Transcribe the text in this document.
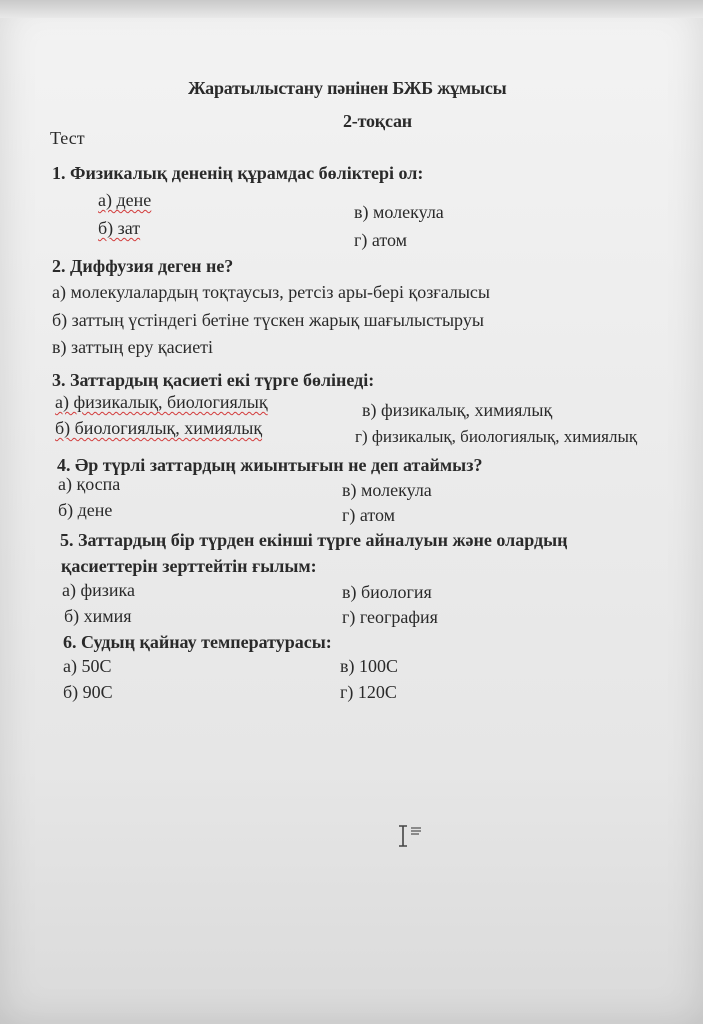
Жаратылыстану пәнінен БЖБ жұмысы
2-тоқсан
Тест
1. Физикалық дененің құрамдас бөліктері ол:
а) дене
б) зат
в) молекула
г) атом
2. Диффузия деген не?
а) молекулалардың тоқтаусыз, ретсіз ары-бері қозғалысы
б) заттың үстіндегі бетіне түскен жарық шағылыстыруы
в) заттың еру қасиеті
3. Заттардың қасиеті екі түрге бөлінеді:
а) физикалық, биологиялық
б) биологиялық, химиялық
в) физикалық, химиялық
г) физикалық, биологиялық, химиялық
4. Әр түрлі заттардың жиынтығын не деп атаймыз?
а) қоспа
б) дене
в) молекула
г) атом
5. Заттардың бір түрден екінші түрге айналуын және олардың
қасиеттерін зерттейтін ғылым:
а) физика
б) химия
в) биология
г) география
6. Судың қайнау температурасы:
а) 50С
б) 90С
в) 100С
г) 120С
